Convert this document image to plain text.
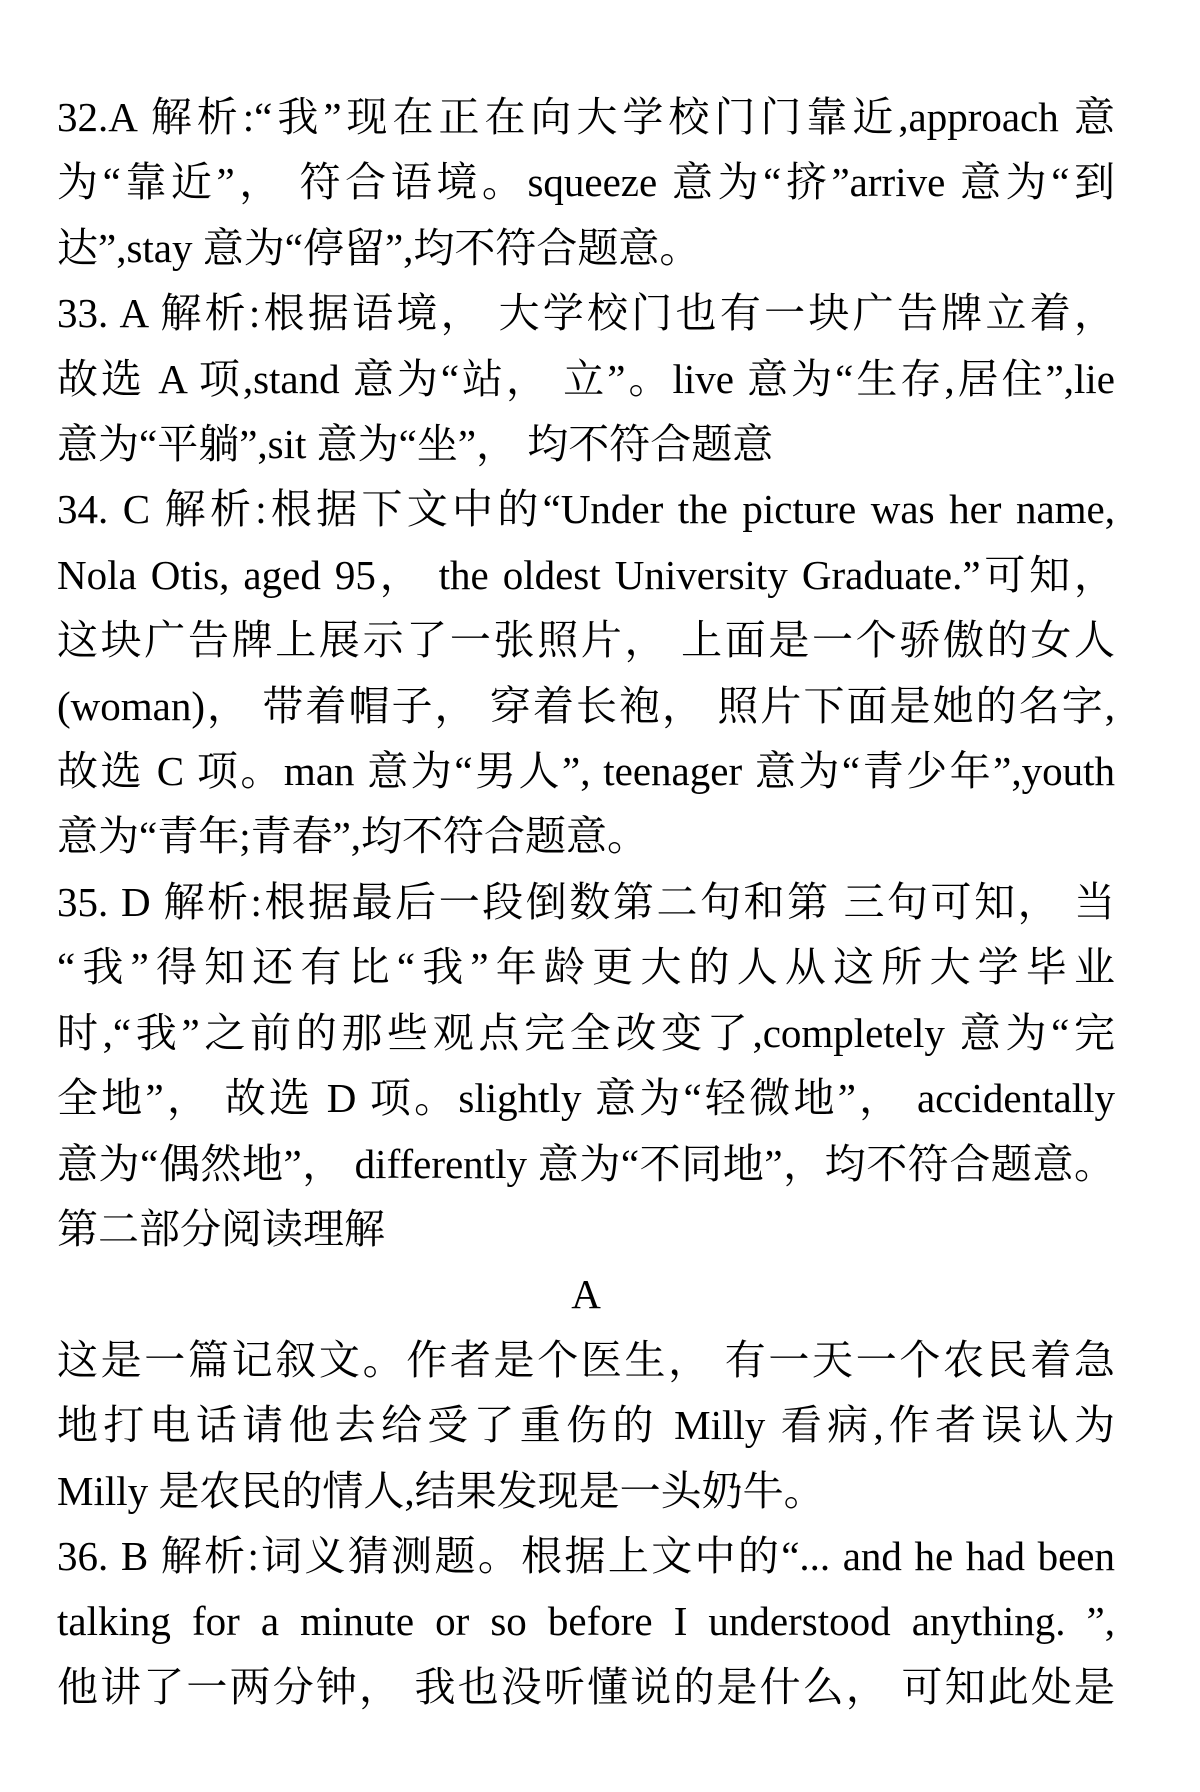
32.A 解析:“我”现在正在向大学校门门靠近,approach 意
为“靠近”， 符合语境。squeeze 意为“挤”arrive 意为“到
达”,stay 意为“停留”,均不符合题意。
33. A 解析:根据语境， 大学校门也有一块广告牌立着，
故选 A 项,stand 意为“站， 立”。live 意为“生存,居住”,lie
意为“平躺”,sit 意为“坐”， 均不符合题意
34. C 解析:根据下文中的“Under the picture was her name,
Nola Otis, aged 95， the oldest University Graduate.”可知，
这块广告牌上展示了一张照片， 上面是一个骄傲的女人
(woman)， 带着帽子， 穿着长袍， 照片下面是她的名字,
故选 C 项。man 意为“男人”, teenager 意为“青少年”,youth
意为“青年;青春”,均不符合题意。
35. D 解析:根据最后一段倒数第二句和第 三句可知， 当
“我”得知还有比“我”年龄更大的人从这所大学毕业
时,“我”之前的那些观点完全改变了,completely 意为“完
全地”， 故选 D 项。slightly 意为“轻微地”， accidentally
意为“偶然地”， differently 意为“不同地”，均不符合题意。
第二部分阅读理解
A
这是一篇记叙文。作者是个医生， 有一天一个农民着急
地打电话请他去给受了重伤的 Milly 看病,作者误认为
Milly 是农民的情人,结果发现是一头奶牛。
36. B 解析:词义猜测题。根据上文中的“... and he had been
talking for a minute or so before I understood anything. ”,
他讲了一两分钟， 我也没听懂说的是什么， 可知此处是
